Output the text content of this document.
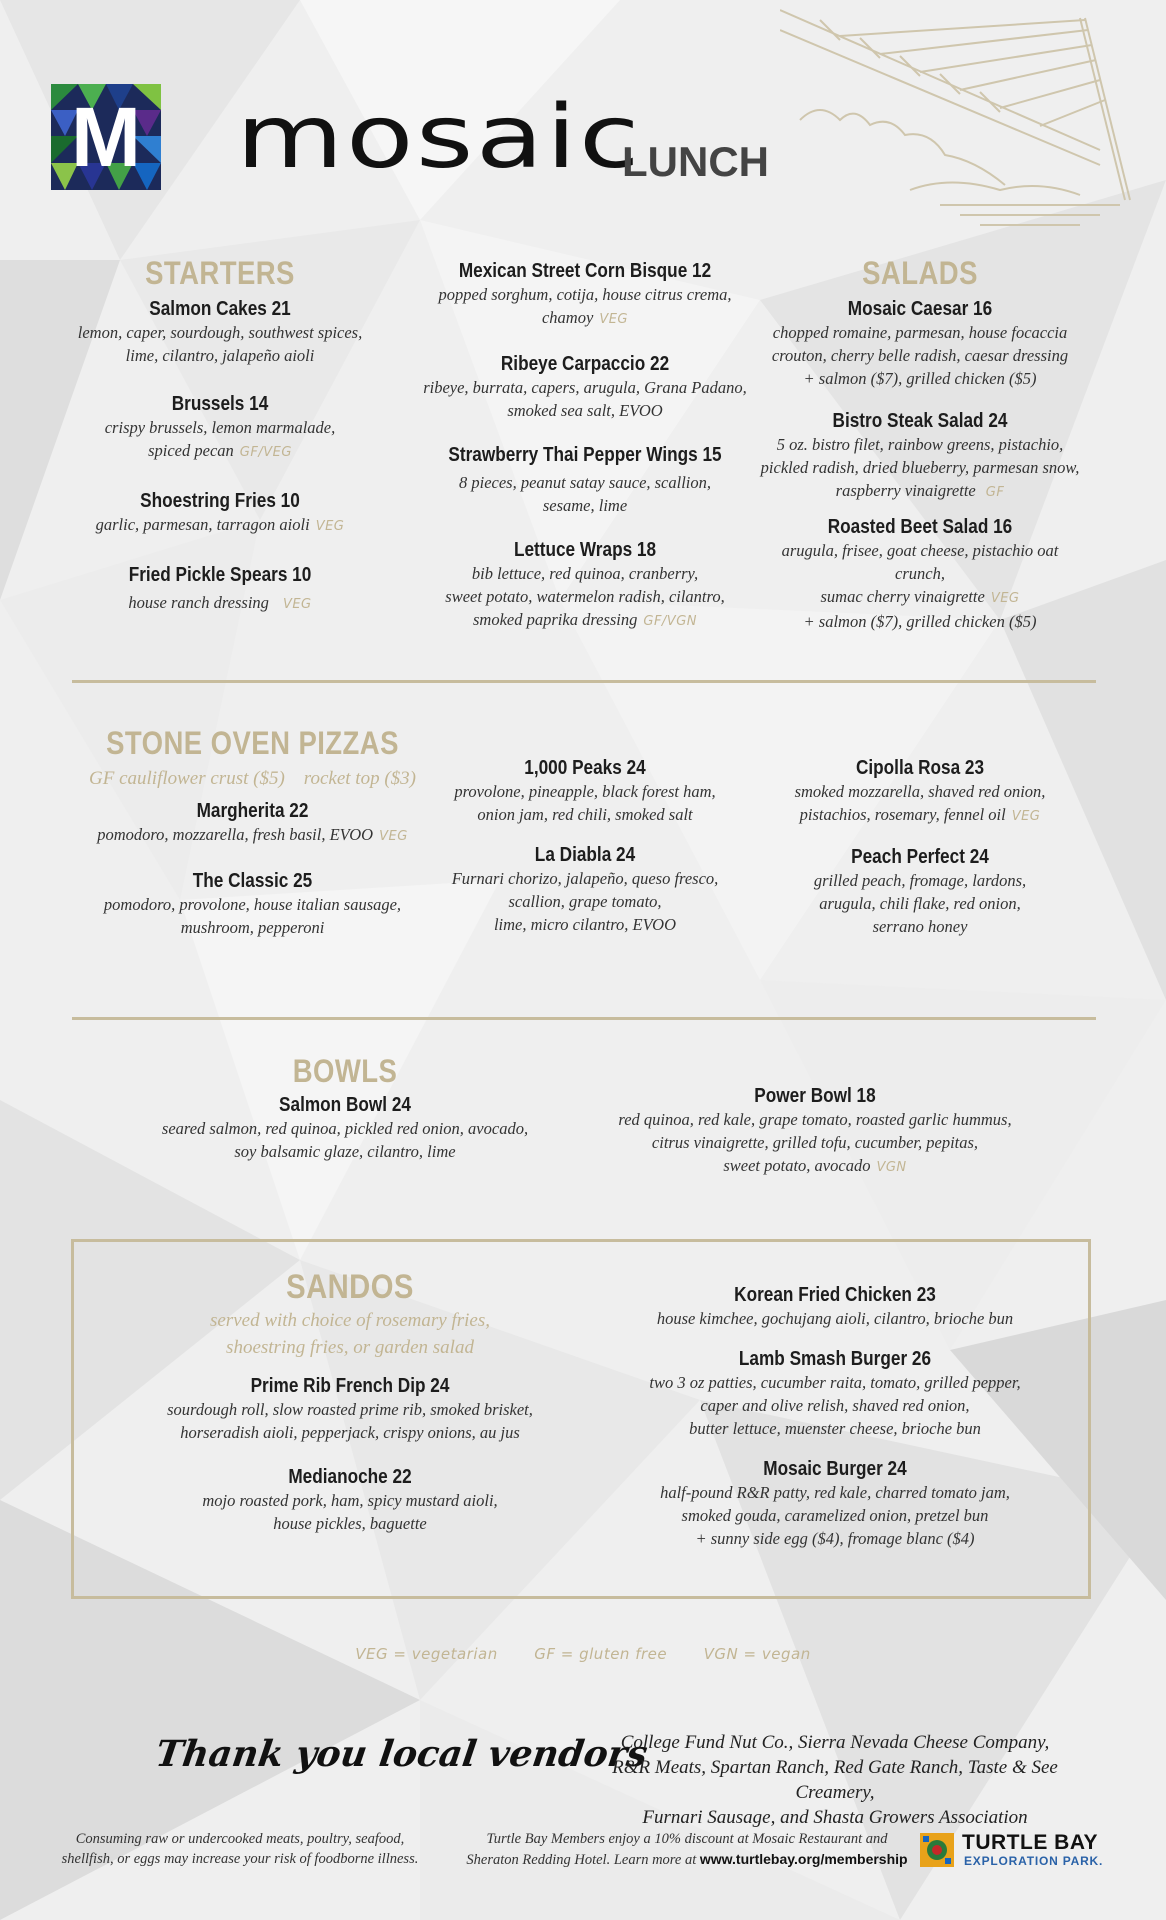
M mosaic
LUNCH
STARTERS
Salmon Cakes 21
lemon, caper, sourdough, southwest spices,
lime, cilantro, jalapeño aioli
Brussels 14
crispy brussels, lemon marmalade,
spiced pecan GF/VEG
Shoestring Fries 10
garlic, parmesan, tarragon aioli VEG
Fried Pickle Spears 10
house ranch dressing VEG
Mexican Street Corn Bisque 12
popped sorghum, cotija, house citrus crema,
chamoy VEG
Ribeye Carpaccio 22
ribeye, burrata, capers, arugula, Grana Padano,
smoked sea salt, EVOO
Strawberry Thai Pepper Wings 15
8 pieces, peanut satay sauce, scallion,
sesame, lime
Lettuce Wraps 18
bib lettuce, red quinoa, cranberry,
sweet potato, watermelon radish, cilantro,
smoked paprika dressing GF/VGN
SALADS
Mosaic Caesar 16
chopped romaine, parmesan, house focaccia
crouton, cherry belle radish, caesar dressing
+ salmon ($7), grilled chicken ($5)
Bistro Steak Salad 24
5 oz. bistro filet, rainbow greens, pistachio,
pickled radish, dried blueberry, parmesan snow,
raspberry vinaigrette GF
Roasted Beet Salad 16
arugula, frisee, goat cheese, pistachio oat crunch,
sumac cherry vinaigrette VEG
+ salmon ($7), grilled chicken ($5)
STONE OVEN PIZZAS
GF cauliflower crust ($5)    rocket top ($3)
Margherita 22
pomodoro, mozzarella, fresh basil, EVOO VEG
The Classic 25
pomodoro, provolone, house italian sausage,
mushroom, pepperoni
1,000 Peaks 24
provolone, pineapple, black forest ham,
onion jam, red chili, smoked salt
La Diabla 24
Furnari chorizo, jalapeño, queso fresco,
scallion, grape tomato,
lime, micro cilantro, EVOO
Cipolla Rosa 23
smoked mozzarella, shaved red onion,
pistachios, rosemary, fennel oil VEG
Peach Perfect 24
grilled peach, fromage, lardons,
arugula, chili flake, red onion,
serrano honey
BOWLS
Salmon Bowl 24
seared salmon, red quinoa, pickled red onion, avocado,
soy balsamic glaze, cilantro, lime
Power Bowl 18
red quinoa, red kale, grape tomato, roasted garlic hummus,
citrus vinaigrette, grilled tofu, cucumber, pepitas,
sweet potato, avocado VGN
SANDOS
served with choice of rosemary fries,
shoestring fries, or garden salad
Prime Rib French Dip 24
sourdough roll, slow roasted prime rib, smoked brisket,
horseradish aioli, pepperjack, crispy onions, au jus
Medianoche 22
mojo roasted pork, ham, spicy mustard aioli,
house pickles, baguette
Korean Fried Chicken 23
house kimchee, gochujang aioli, cilantro, brioche bun
Lamb Smash Burger 26
two 3 oz patties, cucumber raita, tomato, grilled pepper,
caper and olive relish, shaved red onion,
butter lettuce, muenster cheese, brioche bun
Mosaic Burger 24
half-pound R&R patty, red kale, charred tomato jam,
smoked gouda, caramelized onion, pretzel bun
+ sunny side egg ($4), fromage blanc ($4)
VEG = vegetarian GF = gluten free VGN = vegan
Thank you local vendors
College Fund Nut Co., Sierra Nevada Cheese Company,
R&R Meats, Spartan Ranch, Red Gate Ranch, Taste & See Creamery,
Furnari Sausage, and Shasta Growers Association
Consuming raw or undercooked meats, poultry, seafood,
shellfish, or eggs may increase your risk of foodborne illness.
Turtle Bay Members enjoy a 10% discount at Mosaic Restaurant and
Sheraton Redding Hotel. Learn more at www.turtlebay.org/membership
TURTLE BAY
EXPLORATION PARK.
